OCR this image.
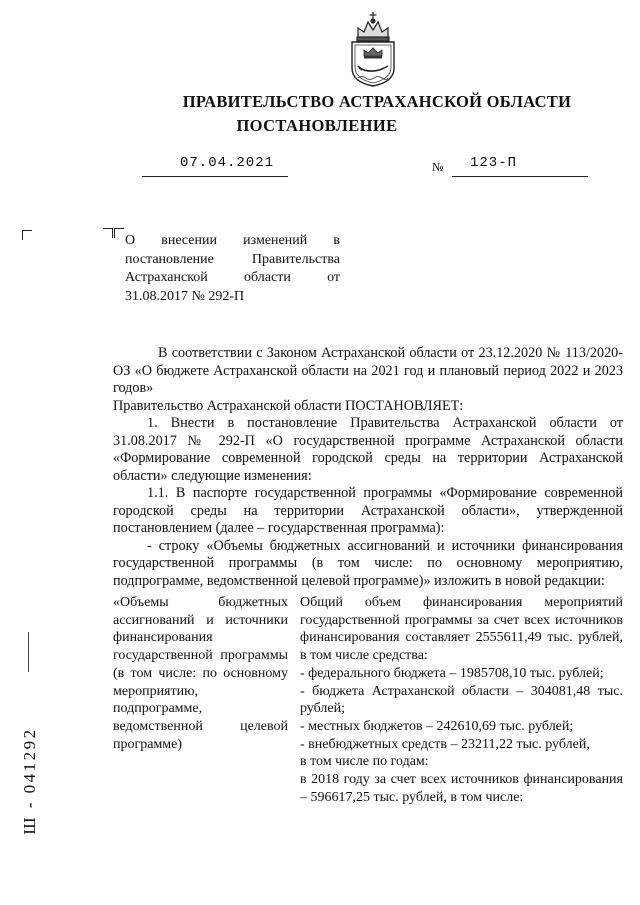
ПРАВИТЕЛЬСТВО АСТРАХАНСКОЙ ОБЛАСТИ
ПОСТАНОВЛЕНИЕ
07.04.2021	№ 123-П
О внесении изменений в постановление Правительства Астраханской области от 31.08.2017 № 292-П

В соответствии с Законом Астраханской области от 23.12.2020 № 113/2020-ОЗ «О бюджете Астраханской области на 2021 год и плановый период 2022 и 2023 годов»

Правительство Астраханской области ПОСТАНОВЛЯЕТ:

1. Внести в постановление Правительства Астраханской области от 31.08.2017 № 292-П «О государственной программе Астраханской области «Формирование современной городской среды на территории Астраханской области» следующие изменения:

1.1. В паспорте государственной программы «Формирование современной городской среды на территории Астраханской области», утвержденной постановлением (далее – государственная программа):

- строку «Объемы бюджетных ассигнований и источники финансирования государственной программы (в том числе: по основному мероприятию, подпрограмме, ведомственной целевой программе)» изложить в новой редакции:

«Объемы бюджетных ассигнований и источники финансирования государственной программы (в том числе: по основному мероприятию, подпрограмме, ведомственной целевой программе)

Общий объем финансирования мероприятий государственной программы за счет всех источников финансирования составляет 2555611,49 тыс. рублей, в том числе средства:

- федерального бюджета – 1985708,10 тыс. рублей;

- бюджета Астраханской области – 304081,48 тыс. рублей;

- местных бюджетов – 242610,69 тыс. рублей;

- внебюджетных средств – 23211,22 тыс. рублей,

в том числе по годам:

в 2018 году за счет всех источников финансирования – 596617,25 тыс. рублей, в том числе:

Ш - 041292
